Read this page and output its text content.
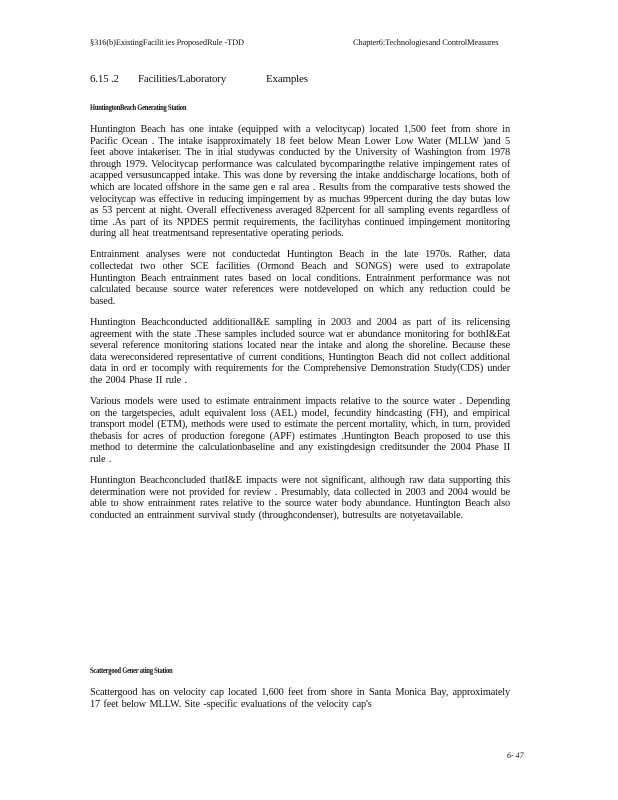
§316(b)ExistingFacilit ies ProposedRule -TDD	Chapter6:Technologiesand ControlMeasures
6.15 .2 Facilities/Laboratory	Examples
HuntingtonBeach Generating Station

Huntington Beach has one intake (equipped with a velocitycap) located 1,500 feet from shore in Pacific Ocean . The intake isapproximately 18 feet below Mean Lower Low Water (MLLW )and 5 feet above intakeriser. The in itial studywas conducted by the University of Washington from 1978 through 1979. Velocitycap performance was calculated bycomparingthe relative impingement rates of acapped versusuncapped intake. This was done by reversing the intake anddischarge locations, both of which are located offshore in the same gen e ral area . Results from the comparative tests showed the velocitycap was effective in reducing impingement by as muchas 99percent during the day butas low as 53 percent at night. Overall effectiveness averaged 82percent for all sampling events regardless of time .As part of its NPDES permit requirements, the facilityhas continued impingement monitoring during all heat treatmentsand representative operating periods.

Entrainment analyses were not conductedat Huntington Beach in the late 1970s. Rather, data collectedat two other SCE facilities (Ormond Beach and SONGS) were used to extrapolate Huntington Beach entrainment rates based on local conditions. Entrainment performance was not calculated because source water references were notdeveloped on which any reduction could be based.

Huntington Beachconducted additionalI&E sampling in 2003 and 2004 as part of its relicensing agreement with the state .These samples included source wat er abundance monitoring for bothI&Eat several reference monitoring stations located near the intake and along the shoreline. Because these data wereconsidered representative of current conditions, Huntington Beach did not collect additional data in ord er tocomply with requirements for the Comprehensive Demonstration Study(CDS) under the 2004 Phase II rule .

Various models were used to estimate entrainment impacts relative to the source water . Depending on the targetspecies, adult equivalent loss (AEL) model, fecundity hindcasting (FH), and empirical transport model (ETM), methods were used to estimate the percent mortality, which, in turn, provided thebasis for acres of production foregone (APF) estimates .Huntington Beach proposed to use this method to determine the calculationbaseline and any existingdesign creditsunder the 2004 Phase II rule .

Huntington Beachconcluded thatI&E impacts were not significant, although raw data supporting this determination were not provided for review . Presumably, data collected in 2003 and 2004 would be able to show entrainment rates relative to the source water body abundance. Huntington Beach also conducted an entrainment survival study (throughcondenser), butresults are notyetavailable.

Scattergood Gener ating Station

Scattergood has on velocity cap located 1,600 feet from shore in Santa Monica Bay, approximately 17 feet below MLLW. Site -specific evaluations of the velocity cap's

6- 47
